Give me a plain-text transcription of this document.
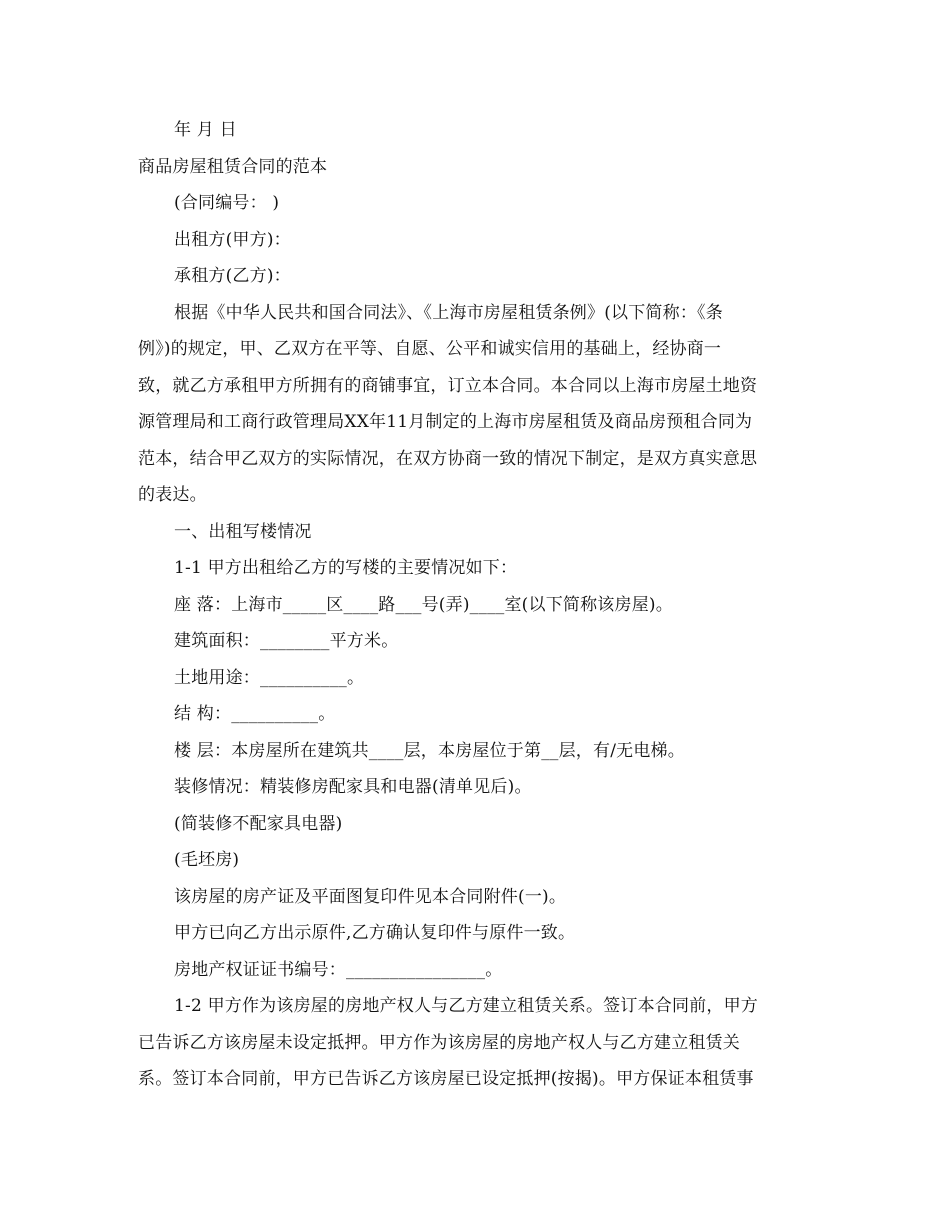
年 月 日
商品房屋租赁合同的范本
(合同编号： )
出租方(甲方)：
承租方(乙方)：
根据《中华人民共和国合同法》、《上海市房屋租赁条例》(以下简称：《条
例》)的规定，甲、乙双方在平等、自愿、公平和诚实信用的基础上，经协商一
致，就乙方承租甲方所拥有的商铺事宜，订立本合同。本合同以上海市房屋土地资
源管理局和工商行政管理局XX年11月制定的上海市房屋租赁及商品房预租合同为
范本，结合甲乙双方的实际情况，在双方协商一致的情况下制定，是双方真实意思
的表达。
一、出租写楼情况
1-1 甲方出租给乙方的写楼的主要情况如下：
座 落：上海市_____区____路___号(弄)____室(以下简称该房屋)。
建筑面积：________平方米。
土地用途：__________。
结 构：__________。
楼 层：本房屋所在建筑共____层，本房屋位于第__层，有/无电梯。
装修情况：精装修房配家具和电器(清单见后)。
(简装修不配家具电器)
(毛坯房)
该房屋的房产证及平面图复印件见本合同附件(一)。
甲方已向乙方出示原件,乙方确认复印件与原件一致。
房地产权证证书编号：________________。
1-2 甲方作为该房屋的房地产权人与乙方建立租赁关系。签订本合同前，甲方
已告诉乙方该房屋未设定抵押。甲方作为该房屋的房地产权人与乙方建立租赁关
系。签订本合同前，甲方已告诉乙方该房屋已设定抵押(按揭)。甲方保证本租赁事
